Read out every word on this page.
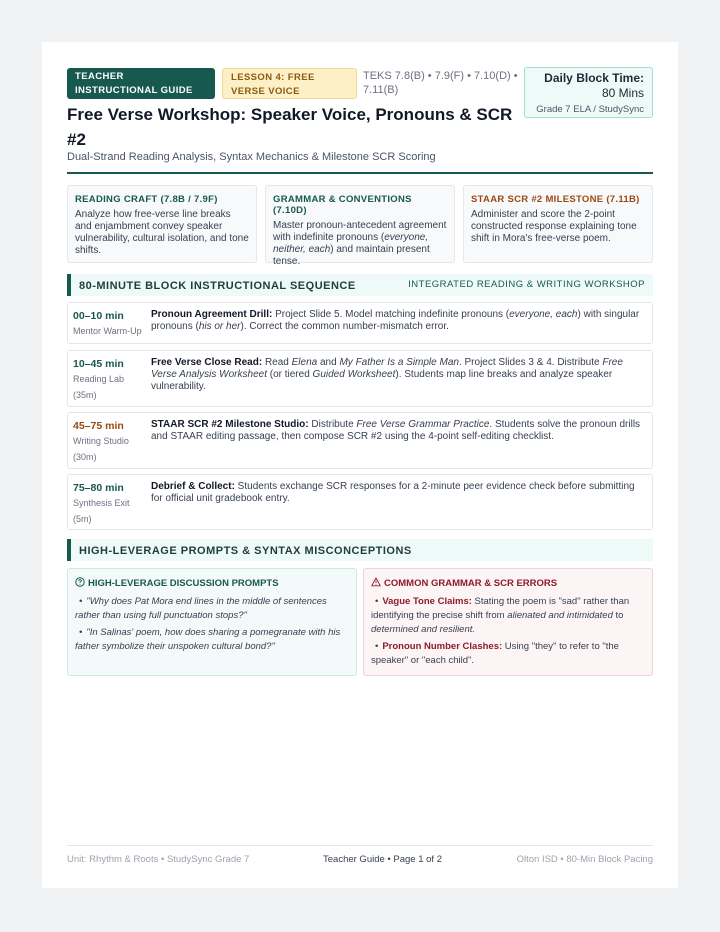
TEACHER INSTRUCTIONAL GUIDE
LESSON 4: FREE VERSE VOICE
TEKS 7.8(B) • 7.9(F) • 7.10(D) • 7.11(B)
Daily Block Time: 80 Mins
Grade 7 ELA / StudySync
Free Verse Workshop: Speaker Voice, Pronouns & SCR #2
Dual-Strand Reading Analysis, Syntax Mechanics & Milestone SCR Scoring
READING CRAFT (7.8B / 7.9F)

Analyze how free-verse line breaks and enjambment convey speaker vulnerability, cultural isolation, and tone shifts.

GRAMMAR & CONVENTIONS (7.10D)

Master pronoun-antecedent agreement with indefinite pronouns (everyone, neither, each) and maintain present tense.

STAAR SCR #2 MILESTONE (7.11B)

Administer and score the 2-point constructed response explaining tone shift in Mora's free-verse poem.

80-MINUTE BLOCK INSTRUCTIONAL SEQUENCE	INTEGRATED READING & WRITING WORKSHOP
00–10 min
Mentor Warm-Up
Pronoun Agreement Drill: Project Slide 5. Model matching indefinite pronouns (everyone, each) with singular pronouns (his or her). Correct the common number-mismatch error.
10–45 min
Reading Lab (35m)
Free Verse Close Read: Read Elena and My Father Is a Simple Man. Project Slides 3 & 4. Distribute Free Verse Analysis Worksheet (or tiered Guided Worksheet). Students map line breaks and analyze speaker vulnerability.
45–75 min
Writing Studio (30m)
STAAR SCR #2 Milestone Studio: Distribute Free Verse Grammar Practice. Students solve the pronoun drills and STAAR editing passage, then compose SCR #2 using the 4-point self-editing checklist.
75–80 min
Synthesis Exit (5m)
Debrief & Collect: Students exchange SCR responses for a 2-minute peer evidence check before submitting for official unit gradebook entry.
HIGH-LEVERAGE PROMPTS & SYNTAX MISCONCEPTIONS
HIGH-LEVERAGE DISCUSSION PROMPTS
• "Why does Pat Mora end lines in the middle of sentences rather than using full punctuation stops?"
• "In Salinas' poem, how does sharing a pomegranate with his father symbolize their unspoken cultural bond?"
COMMON GRAMMAR & SCR ERRORS
• Vague Tone Claims: Stating the poem is "sad" rather than identifying the precise shift from alienated and intimidated to determined and resilient.
• Pronoun Number Clashes: Using "they" to refer to "the speaker" or "each child".
Unit: Rhythm & Roots • StudySync Grade 7	Teacher Guide • Page 1 of 2	Olton ISD • 80-Min Block Pacing
